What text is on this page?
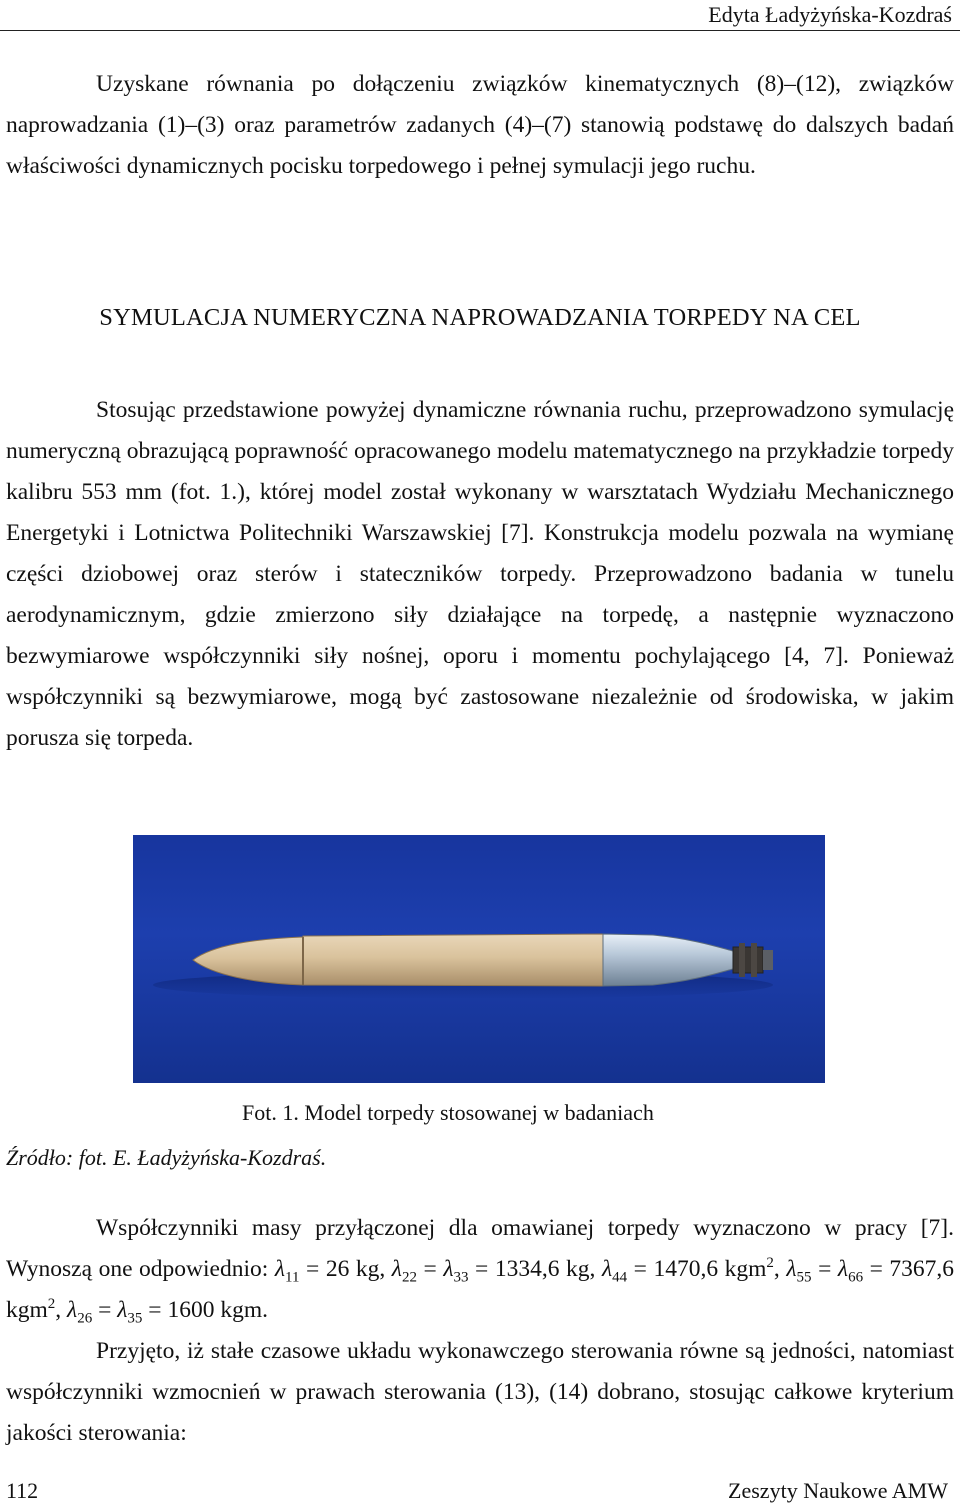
Edyta Ładyżyńska-Kozdraś

Uzyskane równania po dołączeniu związków kinematycznych (8)–(12), związków naprowadzania (1)–(3) oraz parametrów zadanych (4)–(7) stanowią podstawę do dalszych badań właściwości dynamicznych pocisku torpedowego i pełnej symulacji jego ruchu.

SYMULACJA NUMERYCZNA NAPROWADZANIA TORPEDY NA CEL

Stosując przedstawione powyżej dynamiczne równania ruchu, przeprowadzono symulację numeryczną obrazującą poprawność opracowanego modelu matematycznego na przykładzie torpedy kalibru 553 mm (fot. 1.), której model został wykonany w warsztatach Wydziału Mechanicznego Energetyki i Lotnictwa Politechniki Warszawskiej [7]. Konstrukcja modelu pozwala na wymianę części dziobowej oraz sterów i stateczników torpedy. Przeprowadzono badania w tunelu aerodynamicznym, gdzie zmierzono siły działające na torpedę, a następnie wyznaczono bezwymiarowe współczynniki siły nośnej, oporu i momentu pochylającego [4, 7]. Ponieważ współczynniki są bezwymiarowe, mogą być zastosowane niezależnie od środowiska, w jakim porusza się torpeda.

Fot. 1. Model torpedy stosowanej w badaniach
Źródło: fot. E. Ładyżyńska-Kozdraś.

Współczynniki masy przyłączonej dla omawianej torpedy wyznaczono w pracy [7]. Wynoszą one odpowiednio: $\lambda_{11} = 26$ kg, $\lambda_{22} = \lambda_{33} = 1334,6$ kg, $\lambda_{44} = 1470,6$ kgm$^2$, $\lambda_{55} = \lambda_{66} = 7367,6$ kgm$^2$, $\lambda_{26} = \lambda_{35} = 1600$ kgm.

Przyjęto, iż stałe czasowe układu wykonawczego sterowania równe są jedności, natomiast współczynniki wzmocnień w prawach sterowania (13), (14) dobrano, stosując całkowe kryterium jakości sterowania:

112	Zeszyty Naukowe AMW
